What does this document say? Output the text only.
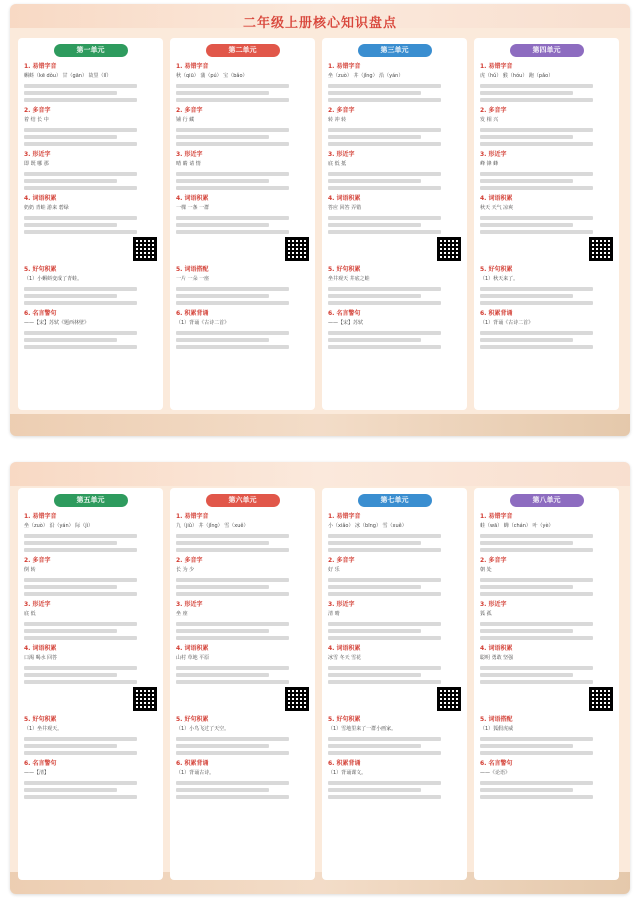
二年级上册核心知识盘点
第一单元
1. 易错字音
蝌蚪（kē dǒu） 甘（gān） 故里（lǐ）
2. 多音字
着 结 长 中
3. 形近字
即 既 哪 那
4. 词语积累
奶奶 青蛙 游来 碧绿
5. 好句积累
（1）小蝌蚪变成了青蛙。
6. 名言警句
——【宋】苏轼《题西林壁》
第二单元
1. 易错字音
秋（qiū） 蒲（pú） 宝（bǎo）
2. 多音字
铺 行 藏
3. 形近字
晴 睛 请 情
4. 词语积累
一棵 一条 一群
5. 词语搭配
一片 一朵 一座
6. 积累背诵
（1）背诵《古诗二首》
第三单元
1. 易错字音
坐（zuò） 井（jǐng） 沿（yán）
2. 多音字
转 冲 转
3. 形近字
底 低 抵
4. 词语积累
答应 回答 弄错
5. 好句积累
坐井观天 井底之蛙
6. 名言警句
——【宋】苏轼
第四单元
1. 易错字音
虎（hǔ） 猴（hóu） 跑（pǎo）
2. 多音字
发 相 兴
3. 形近字
峰 锋 蜂
4. 词语积累
秋天 天气 凉爽
5. 好句积累
（1）秋天来了。
6. 积累背诵
（1）背诵《古诗二首》
第五单元
1. 易错字音
坐（zuò） 沿（yán） 际（jì）
2. 多音字
倒 转
3. 形近字
底 低
4. 词语积累
口渴 喝水 回答
5. 好句积累
（1）坐井观天。
6. 名言警句
——【清】
第六单元
1. 易错字音
九（jiǔ） 井（jǐng） 雪（xuě）
2. 多音字
长 为 少
3. 形近字
坐 座
4. 词语积累
山村 草地 平原
5. 好句积累
（1）小鸟飞过了天空。
6. 积累背诵
（1）背诵古诗。
第七单元
1. 易错字音
小（xiǎo） 冰（bīng） 雪（xuě）
2. 多音字
好 乐
3. 形近字
清 晴
4. 词语积累
冰雪 冬天 雪花
5. 好句积累
（1）雪地里来了一群小画家。
6. 积累背诵
（1）背诵课文。
第八单元
1. 易错字音
蛙（wā） 蝉（chán） 叶（yè）
2. 多音字
朝 处
3. 形近字
狐 孤
4. 词语积累
聪明 勇敢 坚强
5. 词语搭配
（1）狐假虎威
6. 名言警句
——《论语》
